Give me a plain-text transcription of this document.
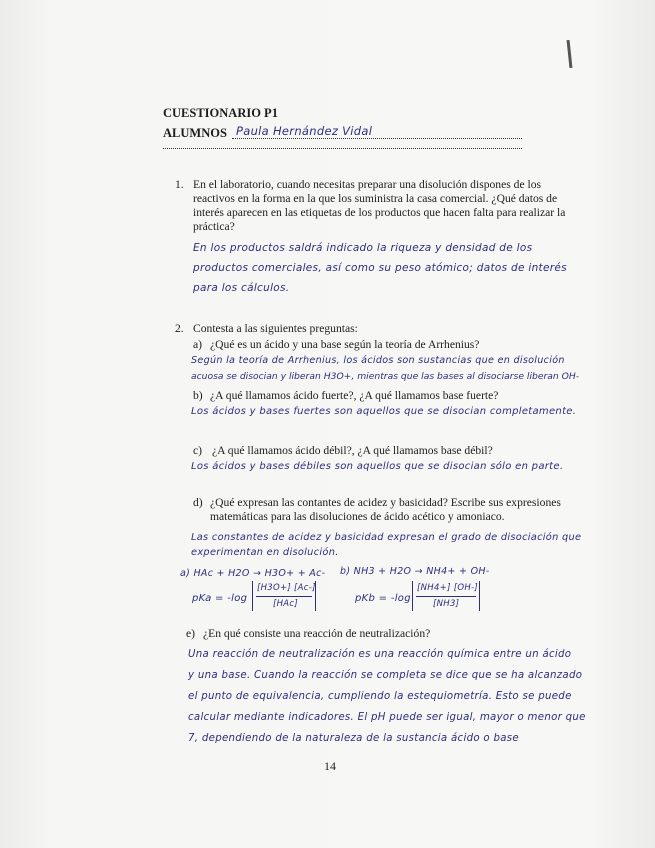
CUESTIONARIO P1
ALUMNOS Paula Hernández Vidal
1. En el laboratorio, cuando necesitas preparar una disolución dispones de los
reactivos en la forma en la que los suministra la casa comercial. ¿Qué datos de
interés aparecen en las etiquetas de los productos que hacen falta para realizar la
práctica?
En los productos saldrá indicado la riqueza y densidad de los
productos comerciales, así como su peso atómico; datos de interés
para los cálculos.
2. Contesta a las siguientes preguntas:
a) ¿Qué es un ácido y una base según la teoría de Arrhenius?
Según la teoría de Arrhenius, los ácidos son sustancias que en disolución
acuosa se disocian y liberan H3O+, mientras que las bases al disociarse liberan OH-
b) ¿A qué llamamos ácido fuerte?, ¿A qué llamamos base fuerte?
Los ácidos y bases fuertes son aquellos que se disocian completamente.
c) ¿A qué llamamos ácido débil?, ¿A qué llamamos base débil?
Los ácidos y bases débiles son aquellos que se disocian sólo en parte.
d) ¿Qué expresan las contantes de acidez y basicidad? Escribe sus expresiones
matemáticas para las disoluciones de ácido acético y amoniaco.
Las constantes de acidez y basicidad expresan el grado de disociación que
experimentan en disolución.
a) HAc + H2O → H3O+ + Ac- b) NH3 + H2O → NH4+ + OH-
pKa = -log
[H3O+] [Ac-]
[HAc]	pKb = -log
[NH4+] [OH-]
[NH3]
e) ¿En qué consiste una reacción de neutralización?
Una reacción de neutralización es una reacción química entre un ácido
y una base. Cuando la reacción se completa se dice que se ha alcanzado
el punto de equivalencia, cumpliendo la estequiometría. Esto se puede
calcular mediante indicadores. El pH puede ser igual, mayor o menor que
7, dependiendo de la naturaleza de la sustancia ácido o base
14
